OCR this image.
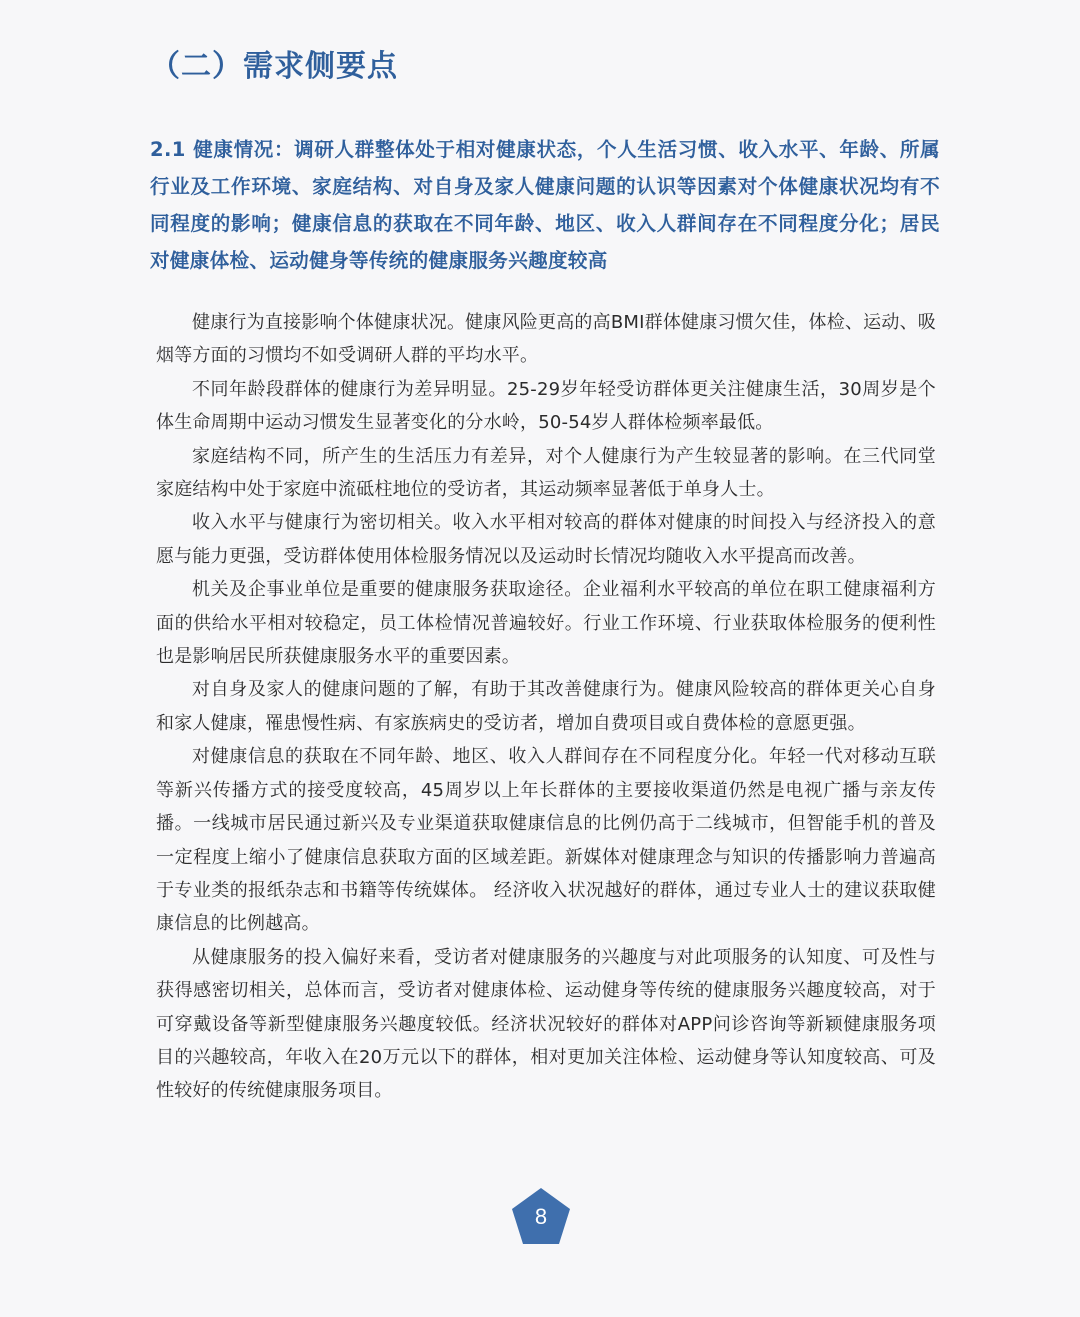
（二）需求侧要点
2.1 健康情况：调研人群整体处于相对健康状态，个人生活习惯、收入水平、年龄、所属行业及工作环境、家庭结构、对自身及家人健康问题的认识等因素对个体健康状况均有不同程度的影响；健康信息的获取在不同年龄、地区、收入人群间存在不同程度分化；居民对健康体检、运动健身等传统的健康服务兴趣度较高

健康行为直接影响个体健康状况。健康风险更高的高BMI群体健康习惯欠佳，体检、运动、吸烟等方面的习惯均不如受调研人群的平均水平。

不同年龄段群体的健康行为差异明显。25-29岁年轻受访群体更关注健康生活，30周岁是个体生命周期中运动习惯发生显著变化的分水岭，50-54岁人群体检频率最低。

家庭结构不同，所产生的生活压力有差异，对个人健康行为产生较显著的影响。在三代同堂家庭结构中处于家庭中流砥柱地位的受访者，其运动频率显著低于单身人士。

收入水平与健康行为密切相关。收入水平相对较高的群体对健康的时间投入与经济投入的意愿与能力更强，受访群体使用体检服务情况以及运动时长情况均随收入水平提高而改善。

机关及企事业单位是重要的健康服务获取途径。企业福利水平较高的单位在职工健康福利方面的供给水平相对较稳定，员工体检情况普遍较好。行业工作环境、行业获取体检服务的便利性也是影响居民所获健康服务水平的重要因素。

对自身及家人的健康问题的了解，有助于其改善健康行为。健康风险较高的群体更关心自身和家人健康，罹患慢性病、有家族病史的受访者，增加自费项目或自费体检的意愿更强。

对健康信息的获取在不同年龄、地区、收入人群间存在不同程度分化。年轻一代对移动互联等新兴传播方式的接受度较高，45周岁以上年长群体的主要接收渠道仍然是电视广播与亲友传播。一线城市居民通过新兴及专业渠道获取健康信息的比例仍高于二线城市，但智能手机的普及一定程度上缩小了健康信息获取方面的区域差距。新媒体对健康理念与知识的传播影响力普遍高于专业类的报纸杂志和书籍等传统媒体。 经济收入状况越好的群体，通过专业人士的建议获取健康信息的比例越高。

从健康服务的投入偏好来看，受访者对健康服务的兴趣度与对此项服务的认知度、可及性与获得感密切相关，总体而言，受访者对健康体检、运动健身等传统的健康服务兴趣度较高，对于可穿戴设备等新型健康服务兴趣度较低。经济状况较好的群体对APP问诊咨询等新颖健康服务项目的兴趣较高，年收入在20万元以下的群体，相对更加关注体检、运动健身等认知度较高、可及性较好的传统健康服务项目。

8
